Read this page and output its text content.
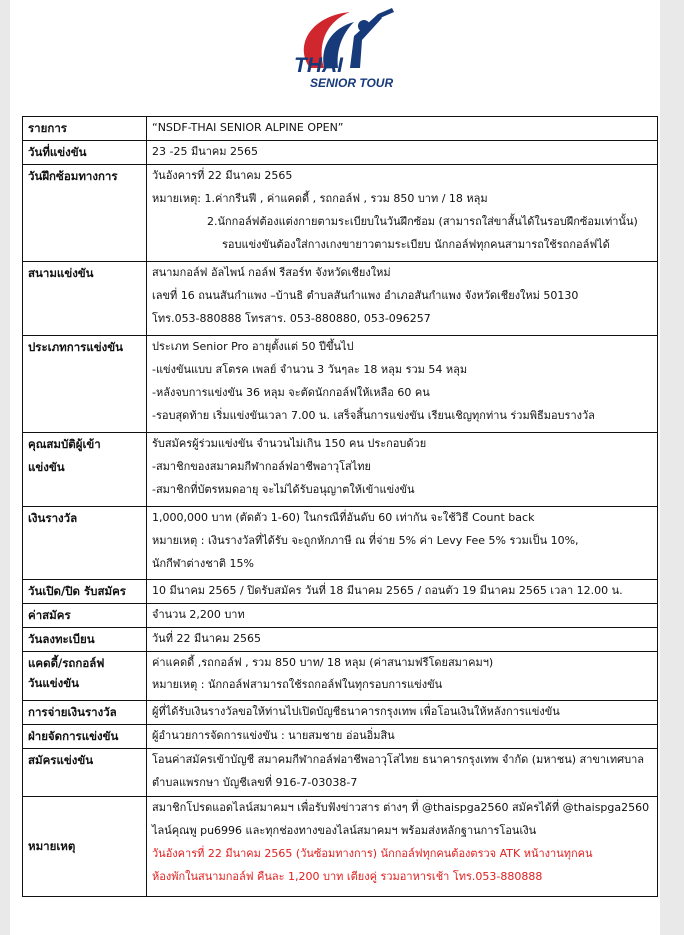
THAI
SENIOR TOUR
รายการ	“NSDF-THAI SENIOR ALPINE OPEN”

วันที่แข่งขัน	23 -25 มีนาคม 2565

วันฝึกซ้อมทางการ	วันอังคารที่ 22 มีนาคม 2565
หมายเหตุ: 1.ค่ากรีนฟี , ค่าแคดดี้ , รถกอล์ฟ , รวม 850 บาท / 18 หลุม
2.นักกอล์ฟต้องแต่งกายตามระเบียบในวันฝึกซ้อม (สามารถใส่ขาสั้นได้ในรอบฝึกซ้อมเท่านั้น)
รอบแข่งขันต้องใส่กางเกงขายาวตามระเบียบ นักกอล์ฟทุกคนสามารถใช้รถกอล์ฟได้

สนามแข่งขัน	สนามกอล์ฟ อัลไพน์ กอล์ฟ รีสอร์ท จังหวัดเชียงใหม่
เลขที่ 16 ถนนสันกำแพง –บ้านธิ ตำบลสันกำแพง อำเภอสันกำแพง จังหวัดเชียงใหม่ 50130
โทร.053-880888 โทรสาร. 053-880880, 053-096257

ประเภทการแข่งขัน	ประเภท Senior Pro อายุตั้งแต่ 50 ปีขึ้นไป
-แข่งขันแบบ สโตรค เพลย์ จำนวน 3 วันๆละ 18 หลุม รวม 54 หลุม
-หลังจบการแข่งขัน 36 หลุม จะตัดนักกอล์ฟให้เหลือ 60 คน
-รอบสุดท้าย เริ่มแข่งขันเวลา 7.00 น. เสร็จสิ้นการแข่งขัน เรียนเชิญทุกท่าน ร่วมพิธีมอบรางวัล

คุณสมบัติผู้เข้า
แข่งขัน	รับสมัครผู้ร่วมแข่งขัน จำนวนไม่เกิน 150 คน ประกอบด้วย
-สมาชิกของสมาคมกีฬากอล์ฟอาชีพอาวุโสไทย
-สมาชิกที่บัตรหมดอายุ จะไม่ได้รับอนุญาตให้เข้าแข่งขัน

เงินรางวัล	1,000,000 บาท (ตัดตัว 1-60) ในกรณีที่อันดับ 60 เท่ากัน จะใช้วิธี Count back
หมายเหตุ : เงินรางวัลที่ได้รับ จะถูกหักภาษี ณ ที่จ่าย 5% ค่า Levy Fee 5% รวมเป็น 10%,
นักกีฬาต่างชาติ 15%

วันเปิด/ปิด รับสมัคร	10 มีนาคม 2565 / ปิดรับสมัคร วันที่ 18 มีนาคม 2565 / ถอนตัว 19 มีนาคม 2565 เวลา 12.00 น.

ค่าสมัคร	จำนวน 2,200 บาท

วันลงทะเบียน	วันที่ 22 มีนาคม 2565

แคดดี้/รถกอล์ฟ
วันแข่งขัน	ค่าแคดดี้ ,รถกอล์ฟ , รวม 850 บาท/ 18 หลุม (ค่าสนามฟรีโดยสมาคมฯ)
หมายเหตุ : นักกอล์ฟสามารถใช้รถกอล์ฟในทุกรอบการแข่งขัน

การจ่ายเงินรางวัล	ผู้ที่ได้รับเงินรางวัลขอให้ท่านไปเปิดบัญชีธนาคารกรุงเทพ เพื่อโอนเงินให้หลังการแข่งขัน

ฝ่ายจัดการแข่งขัน	ผู้อำนวยการจัดการแข่งขัน : นายสมชาย อ่อนอิ่มสิน

สมัครแข่งขัน	โอนค่าสมัครเข้าบัญชี สมาคมกีฬากอล์ฟอาชีพอาวุโสไทย ธนาคารกรุงเทพ จำกัด (มหาชน) สาขาเทศบาล
ตำบลแพรกษา บัญชีเลขที่ 916-7-03038-7

หมายเหตุ	สมาชิกโปรดแอดไลน์สมาคมฯ เพื่อรับฟังข่าวสาร ต่างๆ ที่ @thaispga2560 สมัครได้ที่ @thaispga2560
ไลน์คุณพู pu6996 และทุกช่องทางของไลน์สมาคมฯ พร้อมส่งหลักฐานการโอนเงิน
วันอังคารที่ 22 มีนาคม 2565 (วันซ้อมทางการ) นักกอล์ฟทุกคนต้องตรวจ ATK หน้างานทุกคน
ห้องพักในสนามกอล์ฟ คืนละ 1,200 บาท เตียงคู่ รวมอาหารเช้า โทร.053-880888
